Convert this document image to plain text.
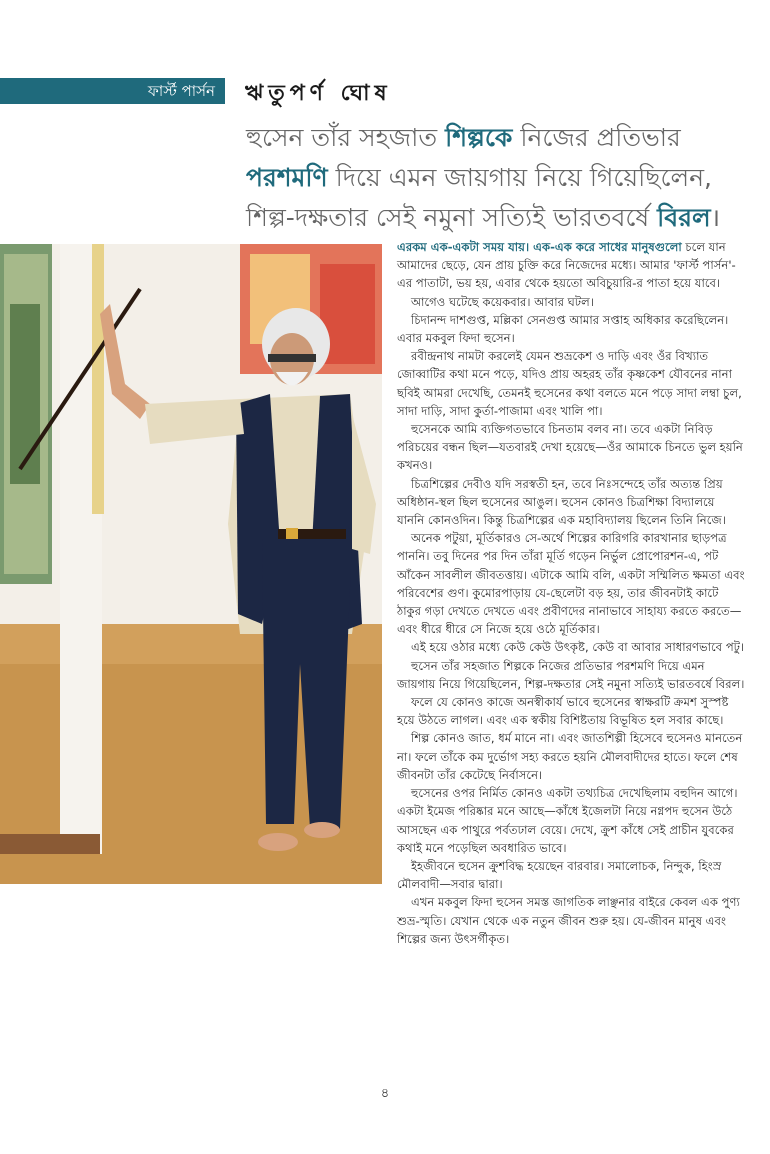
ফার্স্ট পার্সন	ঋতুপর্ণ ঘোষ
হুসেন তাঁর সহজাত শিল্পকে নিজের প্রতিভার পরশমণি দিয়ে এমন জায়গায় নিয়ে গিয়েছিলেন, শিল্প-দক্ষতার সেই নমুনা সত্যিই ভারতবর্ষে বিরল।

এরকম এক-একটা সময় যায়। এক-এক করে সাধের মানুষগুলো চলে যান আমাদের ছেড়ে, যেন প্রায় চুক্তি করে নিজেদের মধ্যে। আমার 'ফার্স্ট পার্সন'-এর পাতাটা, ভয় হয়, এবার থেকে হয়তো অবিচুয়ারি-র পাতা হয়ে যাবে।

আগেও ঘটেছে কয়েকবার। আবার ঘটল।

চিদানন্দ দাশগুপ্ত, মল্লিকা সেনগুপ্ত আমার সপ্তাহ অধিকার করেছিলেন। এবার মকবুল ফিদা হুসেন।

রবীন্দ্রনাথ নামটা করলেই যেমন শুভ্রকেশ ও দাড়ি এবং ওঁর বিখ্যাত জোব্বাটির কথা মনে পড়ে, যদিও প্রায় অহরহ তাঁর কৃষ্ণকেশ যৌবনের নানা ছবিই আমরা দেখেছি, তেমনই হুসেনের কথা বলতে মনে পড়ে সাদা লম্বা চুল, সাদা দাড়ি, সাদা কুর্তা-পাজামা এবং খালি পা।

হুসেনকে আমি ব্যক্তিগতভাবে চিনতাম বলব না। তবে একটা নিবিড় পরিচয়ের বন্ধন ছিল—যতবারই দেখা হয়েছে—ওঁর আমাকে চিনতে ভুল হয়নি কখনও।

চিত্রশিল্পের দেবীও যদি সরস্বতী হন, তবে নিঃসন্দেহে তাঁর অত্যন্ত প্রিয় অধিষ্ঠান-স্থল ছিল হুসেনের আঙুল। হুসেন কোনও চিত্রশিক্ষা বিদ্যালয়ে যাননি কোনওদিন। কিন্তু চিত্রশিল্পের এক মহাবিদ্যালয় ছিলেন তিনি নিজে।

অনেক পটুয়া, মূর্তিকারও সে-অর্থে শিল্পের কারিগরি কারখানার ছাড়পত্র পাননি। তবু দিনের পর দিন তাঁরা মূর্তি গড়েন নির্ভুল প্রোপোরশন-এ, পট আঁকেন সাবলীল জীবতত্তায়। এটাকে আমি বলি, একটা সম্মিলিত ক্ষমতা এবং পরিবেশের গুণ। কুমোরপাড়ায় যে-ছেলেটা বড় হয়, তার জীবনটাই কাটে ঠাকুর গড়া দেখতে দেখতে এবং প্রবীণদের নানাভাবে সাহায্য করতে করতে—এবং ধীরে ধীরে সে নিজে হয়ে ওঠে মূর্তিকার।

এই হয়ে ওঠার মধ্যে কেউ কেউ উৎকৃষ্ট, কেউ বা আবার সাধারণভাবে পটু।

হুসেন তাঁর সহজাত শিল্পকে নিজের প্রতিভার পরশমণি দিয়ে এমন জায়গায় নিয়ে গিয়েছিলেন, শিল্প-দক্ষতার সেই নমুনা সত্যিই ভারতবর্ষে বিরল।

ফলে যে কোনও কাজে অনস্বীকার্য ভাবে হুসেনের স্বাক্ষরটি ক্রমশ সুস্পষ্ট হয়ে উঠতে লাগল। এবং এক স্বকীয় বিশিষ্টতায় বিভূষিত হল সবার কাছে।

শিল্প কোনও জাত, ধর্ম মানে না। এবং জাতশিল্পী হিসেবে হুসেনও মানতেন না। ফলে তাঁকে কম দুর্ভোগ সহ্য করতে হয়নি মৌলবাদীদের হাতে। ফলে শেষ জীবনটা তাঁর কেটেছে নির্বাসনে।

হুসেনের ওপর নির্মিত কোনও একটা তথ্যচিত্র দেখেছিলাম বহুদিন আগে। একটা ইমেজ পরিষ্কার মনে আছে—কাঁধে ইজেলটা নিয়ে নগ্নপদ হুসেন উঠে আসছেন এক পাথুরে পর্বতঢাল বেয়ে। দেখে, ক্রুশ কাঁধে সেই প্রাচীন যুবকের কথাই মনে পড়েছিল অবধারিত ভাবে।

ইহজীবনে হুসেন ক্রুশবিদ্ধ হয়েছেন বারবার। সমালোচক, নিন্দুক, হিংস্র মৌলবাদী—সবার দ্বারা।

এখন মকবুল ফিদা হুসেন সমস্ত জাগতিক লাঞ্ছনার বাইরে কেবল এক পুণ্য শুভ্র-স্মৃতি। যেখান থেকে এক নতুন জীবন শুরু হয়। যে-জীবন মানুষ এবং শিল্পের জন্য উৎসর্গীকৃত।

৪
